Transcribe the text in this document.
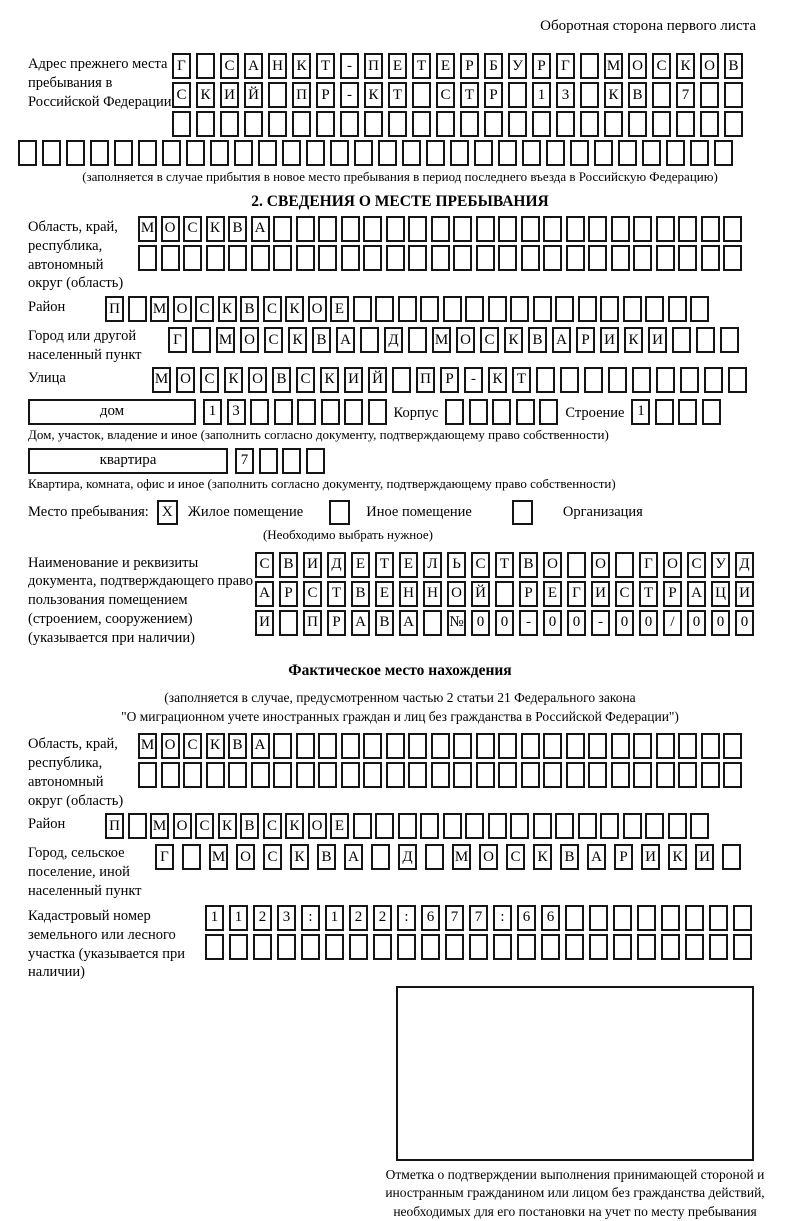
Оборотная сторона первого листа
Адрес прежнего места пребывания в Российской Федерации
Г	С А Н К Т	-	П Е Т Е	Р	Б У Р	Г	М О С К О В
С К И Й П Р	-	К Т	С Т	Р	1	3	К В	7
(заполняется в случае прибытия в новое место пребывания в период последнего въезда в Российскую Федерацию)
2. СВЕДЕНИЯ О МЕСТЕ ПРЕБЫВАНИЯ
Область, край, республика, автономный округ (область)
М О С К В А
Район	П М О С К В С К О Е
Город или другой населенный пункт
Г	М О С К В А Д М О С К В А Р И К И
Улица	М О С К О В С К И Й П Р	-	К Т
дом	1	3	Корпус	Строение 1
Дом, участок, владение и иное (заполнить согласно документу, подтверждающему право собственности)
квартира	7
Квартира, комната, офис и иное (заполнить согласно документу, подтверждающему право собственности)
Место пребывания: X	Жилое помещение	Иное помещение	Организация
(Необходимо выбрать нужное)
Наименование и реквизиты документа, подтверждающего право пользования помещением (строением, сооружением) (указывается при наличии)
С В И Д Е Т Е Л Ь С Т В О О	Г О С У Д
А Р С Т В Е Н Н О Й	Р	Е	Г И С Т	Р А Ц И
И П Р А В А № 0	0	-	0	0	-	0	0	/	0	0	0
Фактическое место нахождения
(заполняется в случае, предусмотренном частью 2 статьи 21 Федерального закона
"О миграционном учете иностранных граждан и лиц без гражданства в Российской Федерации")
Область, край, республика, автономный округ (область)
М О С К В А
Район	П М О С К В С К О Е
Город, сельское поселение, иной населенный пункт
Г	М О С	К	В	А	Д	М О С	К	В	А	Р	И К	И
Кадастровый номер земельного или лесного участка (указывается при наличии)
1	1	2	3	:	1	2	2	:	6	7	7	:	6	6
Отметка о подтверждении выполнения принимающей стороной и иностранным гражданином или лицом без гражданства действий, необходимых для его постановки на учет по месту пребывания
